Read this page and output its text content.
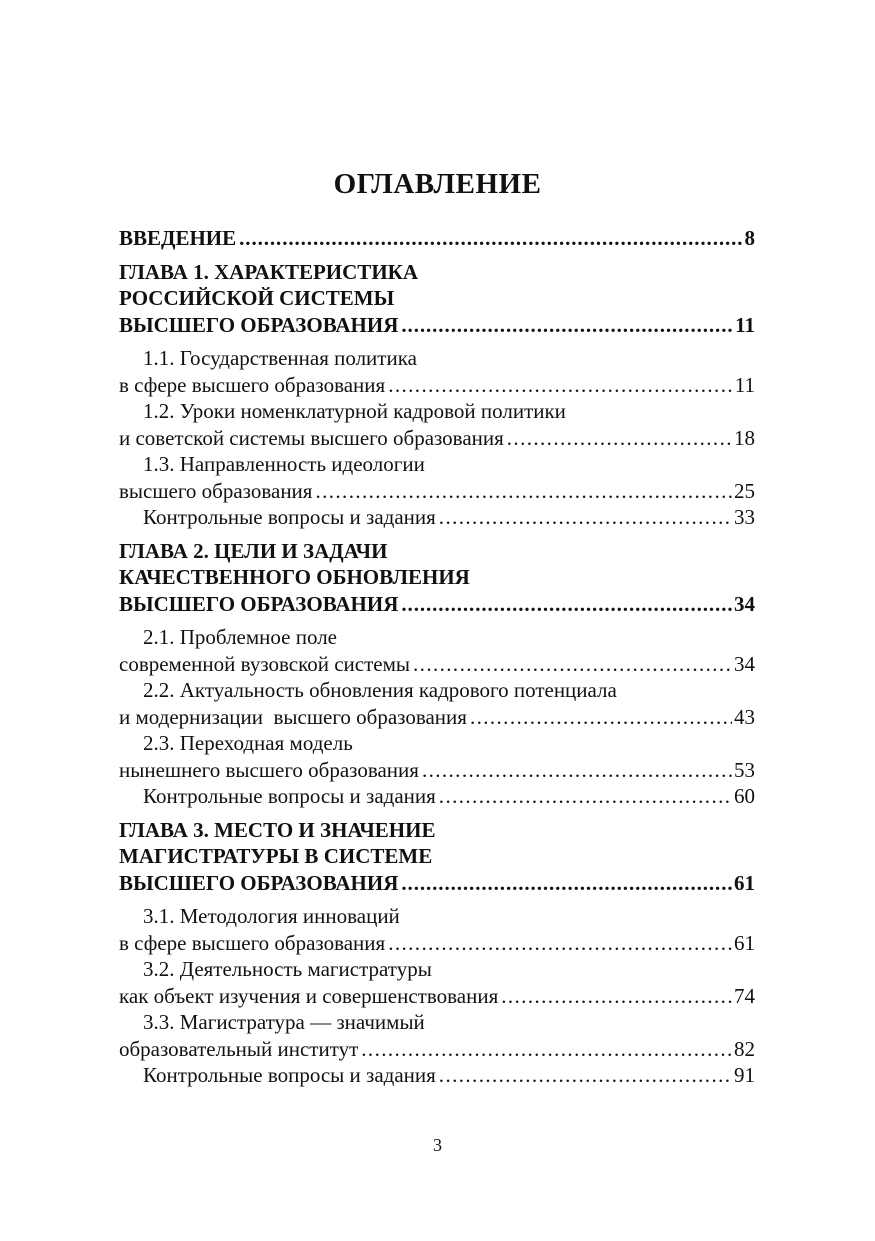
ОГЛАВЛЕНИЕ
ВВЕДЕНИЕ .....	8
ГЛАВА 1. ХАРАКТЕРИСТИКА
РОССИЙСКОЙ СИСТЕМЫ
ВЫСШЕГО ОБРАЗОВАНИЯ .....	11
1.1. Государственная политика
в сфере высшего образования .....	11
1.2. Уроки номенклатурной кадровой политики
и советской системы высшего образования .....	18
1.3. Направленность идеологии
высшего образования .....	25
Контрольные вопросы и задания .....	33
ГЛАВА 2. ЦЕЛИ И ЗАДАЧИ
КАЧЕСТВЕННОГО ОБНОВЛЕНИЯ
ВЫСШЕГО ОБРАЗОВАНИЯ .....	34
2.1. Проблемное поле
современной вузовской системы .....	34
2.2. Актуальность обновления кадрового потенциала
и модернизации  высшего образования .....	43
2.3. Переходная модель
нынешнего высшего образования .....	53
Контрольные вопросы и задания .....	60
ГЛАВА 3. МЕСТО И ЗНАЧЕНИЕ
МАГИСТРАТУРЫ В СИСТЕМЕ
ВЫСШЕГО ОБРАЗОВАНИЯ .....	61
3.1. Методология инноваций
в сфере высшего образования .....	61
3.2. Деятельность магистратуры
как объект изучения и совершенствования .....	74
3.3. Магистратура — значимый
образовательный институт .....	82
Контрольные вопросы и задания .....	91
3
